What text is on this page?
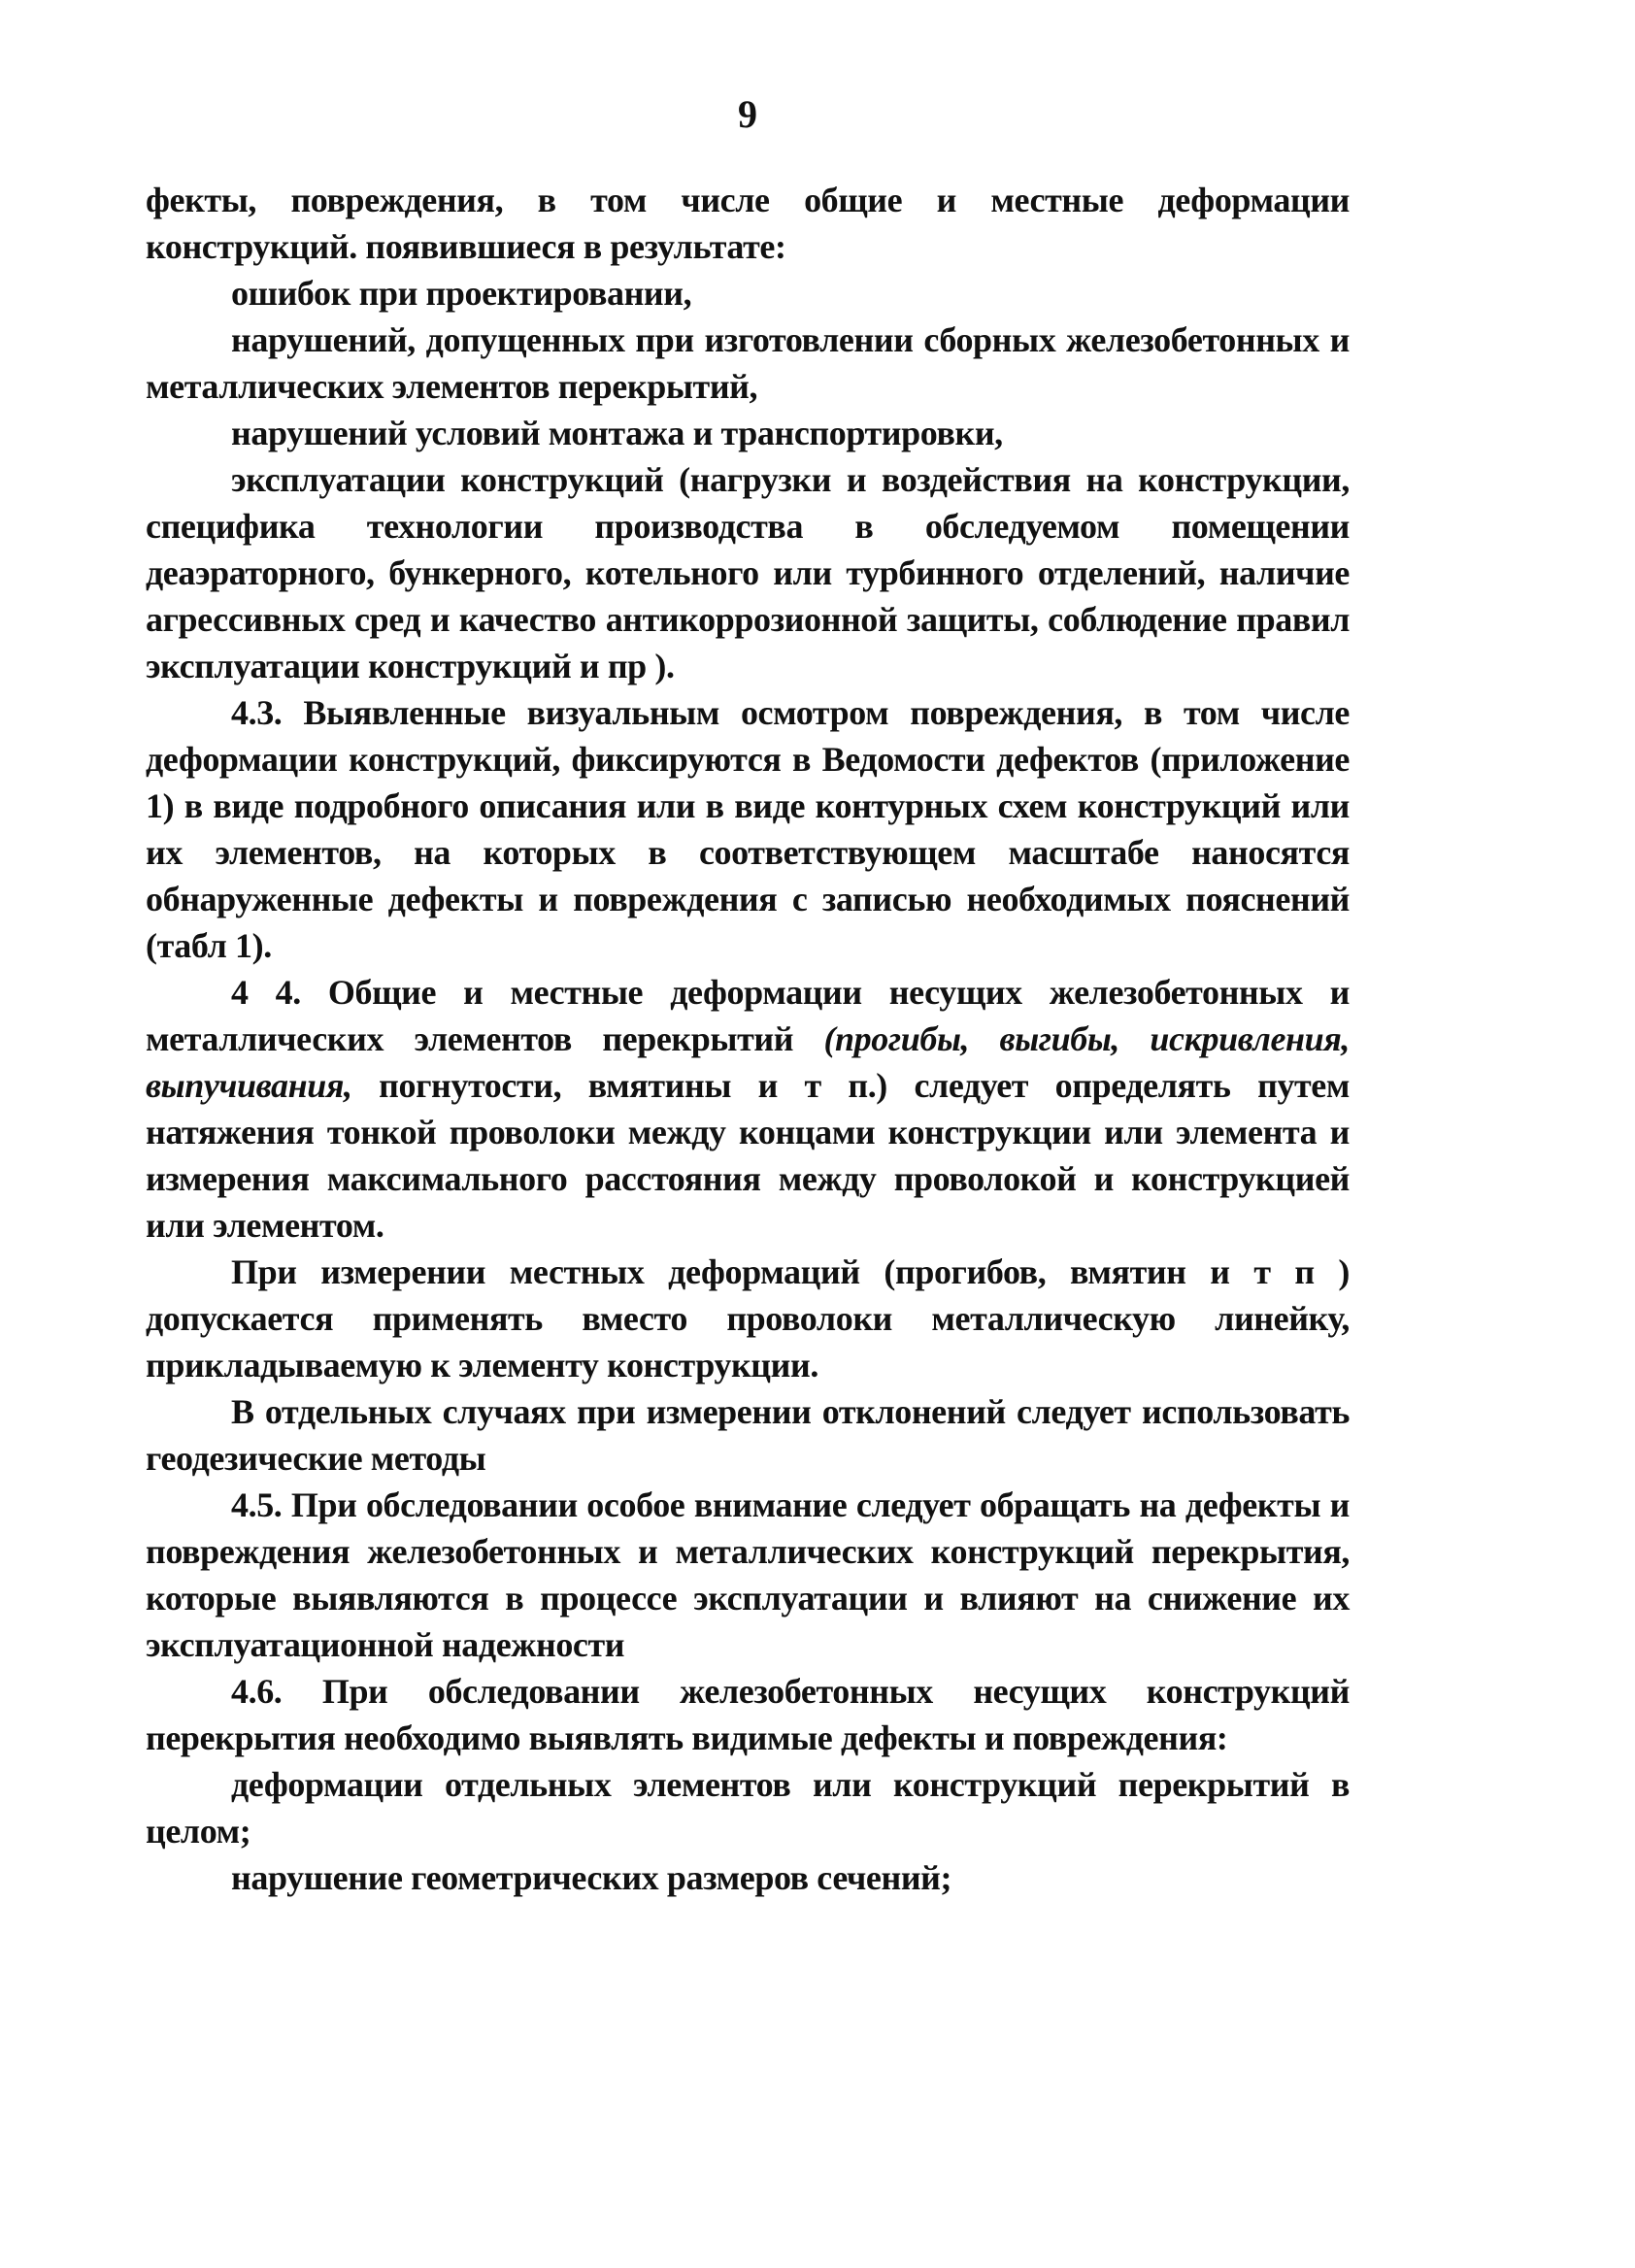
9

фекты, повреждения, в том числе общие и местные деформации конструкций. появившиеся в результате:

ошибок при проектировании,

нарушений, допущенных при изготовлении сборных железобетонных и металлических элементов перекрытий,

нарушений условий монтажа и транспортировки,

эксплуатации конструкций (нагрузки и воздействия на конструкции, специфика технологии производства в обследуемом помещении деаэраторного, бункерного, котельного или турбинного отделений, наличие агрессивных сред и качество антикоррозионной защиты, соблюдение правил эксплуатации конструкций и пр ).

4.3. Выявленные визуальным осмотром повреждения, в том числе деформации конструкций, фиксируются в Ведомости дефектов (приложение 1) в виде подробного описания или в виде контурных схем конструкций или их элементов, на которых в соответствующем масштабе наносятся обнаруженные дефекты и повреждения с записью необходимых пояснений (табл 1).

4 4. Общие и местные деформации несущих железобетонных и металлических элементов перекрытий (прогибы, выгибы, искривления, выпучивания, погнутости, вмятины и т п.) следует определять путем натяжения тонкой проволоки между концами конструкции или элемента и измерения максимального расстояния между проволокой и конструкцией или элементом.

При измерении местных деформаций (прогибов, вмятин и т п ) допускается применять вместо проволоки металлическую линейку, прикладываемую к элементу конструкции.

В отдельных случаях при измерении отклонений следует использовать геодезические методы

4.5. При обследовании особое внимание следует обращать на дефекты и повреждения железобетонных и металлических конструкций перекрытия, которые выявляются в процессе эксплуатации и влияют на снижение их эксплуатационной надежности

4.6. При обследовании железобетонных несущих конструкций перекрытия необходимо выявлять видимые дефекты и повреждения:

деформации отдельных элементов или конструкций перекрытий в целом;

нарушение геометрических размеров сечений;
